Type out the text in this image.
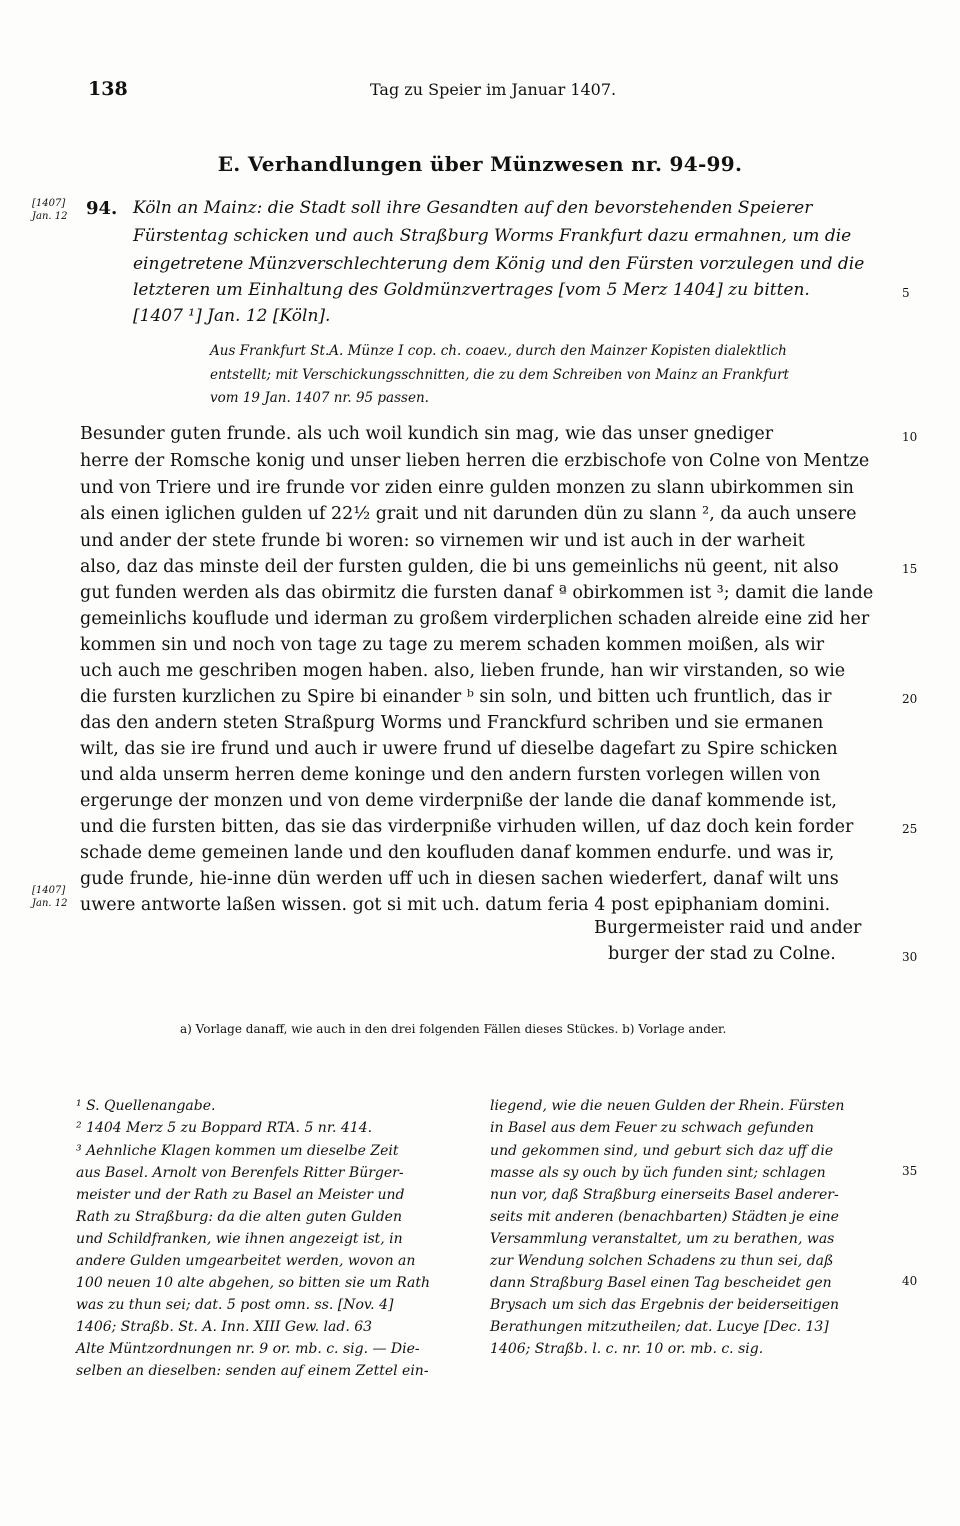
138	Tag zu Speier im Januar 1407.
E. Verhandlungen über Münzwesen nr. 94-99.
[1407]
Jan. 12
[1407]
Jan. 12
94. Köln an Mainz: die Stadt soll ihre Gesandten auf den bevorstehenden Speierer
Fürstentag schicken und auch Straßburg Worms Frankfurt dazu ermahnen, um die
eingetretene Münzverschlechterung dem König und den Fürsten vorzulegen und die
letzteren um Einhaltung des Goldmünzvertrages [vom 5 Merz 1404] zu bitten.
[1407 ¹] Jan. 12 [Köln].
Aus Frankfurt St.A. Münze I cop. ch. coaev., durch den Mainzer Kopisten dialektlich
entstellt; mit Verschickungsschnitten, die zu dem Schreiben von Mainz an Frankfurt
vom 19 Jan. 1407 nr. 95 passen.
Besunder guten frunde. als uch woil kundich sin mag, wie das unser gnediger
herre der Romsche konig und unser lieben herren die erzbischofe von Colne von Mentze
und von Triere und ire frunde vor ziden einre gulden monzen zu slann ubirkommen sin
als einen iglichen gulden uf 22½ grait und nit darunden dün zu slann ², da auch unsere
und ander der stete frunde bi woren: so virnemen wir und ist auch in der warheit
also, daz das minste deil der fursten gulden, die bi uns gemeinlichs nü geent, nit also
gut funden werden als das obirmitz die fursten danaf ª obirkommen ist ³; damit die lande
gemeinlichs kouflude und iderman zu großem virderplichen schaden alreide eine zid her
kommen sin und noch von tage zu tage zu merem schaden kommen moißen, als wir
uch auch me geschriben mogen haben. also, lieben frunde, han wir virstanden, so wie
die fursten kurzlichen zu Spire bi einander ᵇ sin soln, und bitten uch fruntlich, das ir
das den andern steten Straßpurg Worms und Franckfurd schriben und sie ermanen
wilt, das sie ire frund und auch ir uwere frund uf dieselbe dagefart zu Spire schicken
und alda unserm herren deme koninge und den andern fursten vorlegen willen von
ergerunge der monzen und von deme virderpniße der lande die danaf kommende ist,
und die fursten bitten, das sie das virderpniße virhuden willen, uf daz doch kein forder
schade deme gemeinen lande und den koufluden danaf kommen endurfe. und was ir,
gude frunde, hie-inne dün werden uff uch in diesen sachen wiederfert, danaf wilt uns
uwere antworte laßen wissen. got si mit uch. datum feria 4 post epiphaniam domini.
Burgermeister raid und ander
burger der stad zu Colne.
5
10
15
20
25
30
35
40
a) Vorlage danaff, wie auch in den drei folgenden Fällen dieses Stückes. b) Vorlage ander.
¹ S. Quellenangabe.
² 1404 Merz 5 zu Boppard RTA. 5 nr. 414.
³ Aehnliche Klagen kommen um dieselbe Zeit
aus Basel. Arnolt von Berenfels Ritter Bürger-
meister und der Rath zu Basel an Meister und
Rath zu Straßburg: da die alten guten Gulden
und Schildfranken, wie ihnen angezeigt ist, in
andere Gulden umgearbeitet werden, wovon an
100 neuen 10 alte abgehen, so bitten sie um Rath
was zu thun sei; dat. 5 post omn. ss. [Nov. 4]
1406; Straßb. St. A. Inn. XIII Gew. lad. 63
Alte Müntzordnungen nr. 9 or. mb. c. sig. — Die-
selben an dieselben: senden auf einem Zettel ein-
liegend, wie die neuen Gulden der Rhein. Fürsten
in Basel aus dem Feuer zu schwach gefunden
und gekommen sind, und geburt sich daz uff die
masse als sy ouch by üch funden sint; schlagen
nun vor, daß Straßburg einerseits Basel anderer-
seits mit anderen (benachbarten) Städten je eine
Versammlung veranstaltet, um zu berathen, was
zur Wendung solchen Schadens zu thun sei, daß
dann Straßburg Basel einen Tag bescheidet gen
Brysach um sich das Ergebnis der beiderseitigen
Berathungen mitzutheilen; dat. Lucye [Dec. 13]
1406; Straßb. l. c. nr. 10 or. mb. c. sig.
